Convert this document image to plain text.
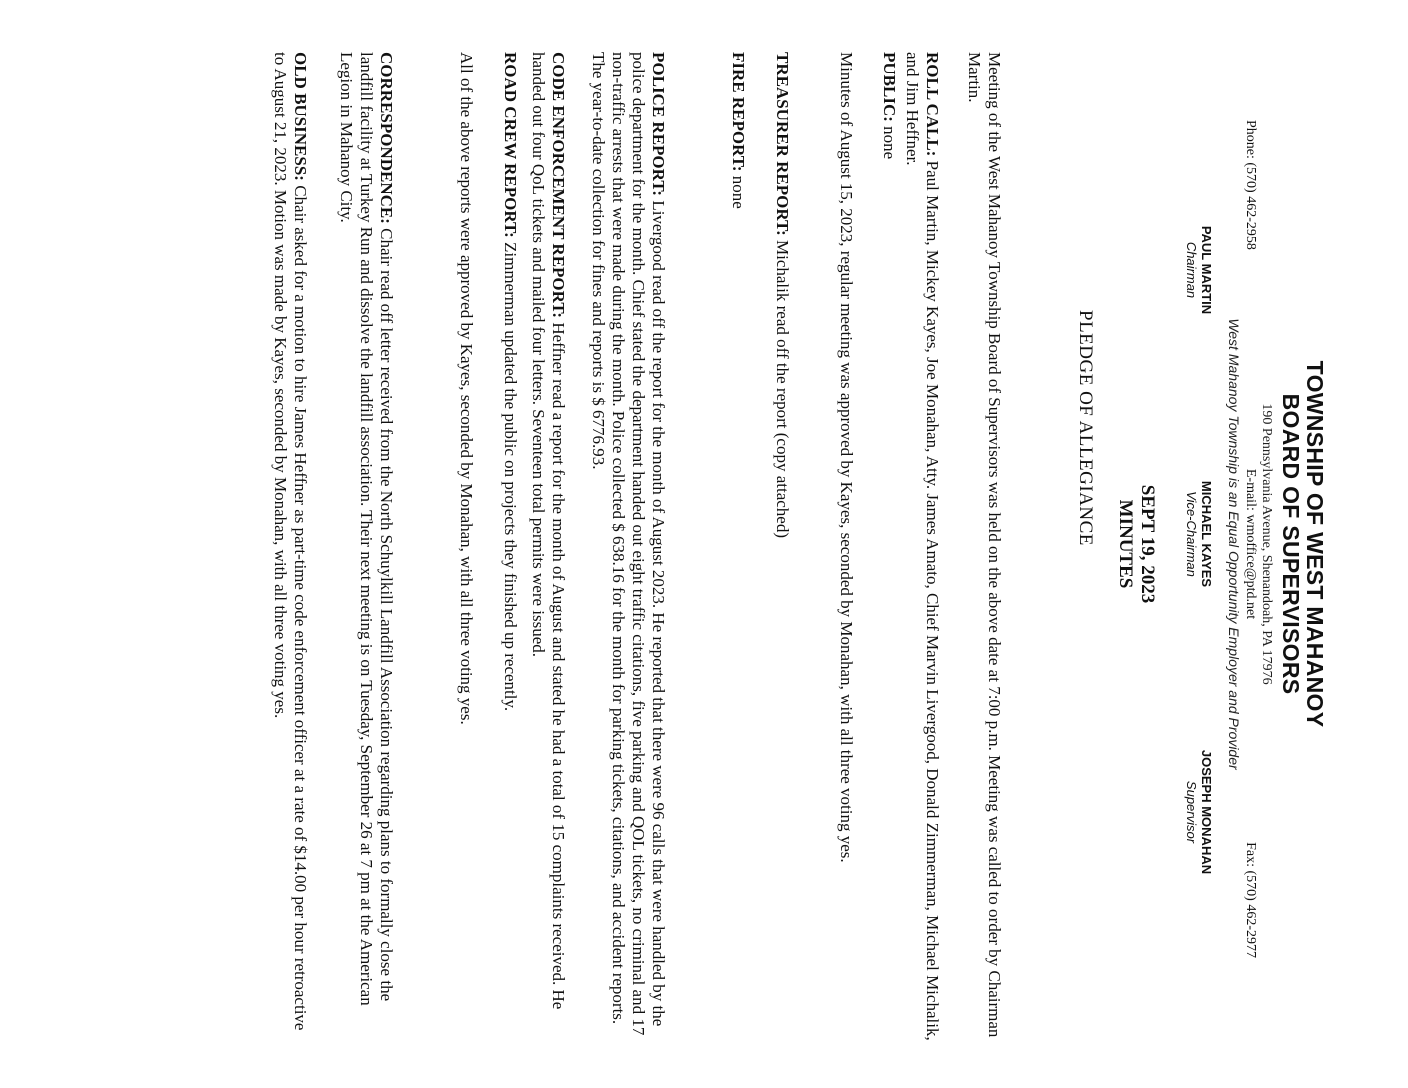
TOWNSHIP OF WEST MAHANOY
BOARD OF SUPERVISORS
190 Pennsylvania Avenue, Shenandoah, PA 17976
Phone: (570) 462-2958
E-mail: wmoffice@ptd.net
Fax: (570) 462-2977
West Mahanoy Township is an Equal Opportunity Employer and Provider
PAUL MARTIN
Chairman
MICHAEL KAYES
Vice-Chairman
JOSEPH MONAHAN
Supervisor
SEPT 19, 2023
MINUTES
PLEDGE OF ALLEGIANCE

Meeting of the West Mahanoy Township Board of Supervisors was held on the above date at 7:00 p.m. Meeting was called to order by Chairman Martin.

ROLL CALL: Paul Martin, Mickey Kayes, Joe Monahan, Atty. James Amato, Chief Marvin Livergood, Donald Zimmerman, Michael Michalik, and Jim Heffner.

PUBLIC: none

Minutes of August 15, 2023, regular meeting was approved by Kayes, seconded by Monahan, with all three voting yes.

TREASURER REPORT: Michalik read off the report (copy attached)

FIRE REPORT: none

POLICE REPORT: Livergood read off the report for the month of August 2023. He reported that there were 96 calls that were handled by the police department for the month. Chief stated the department handed out eight traffic citations, five parking and QOL tickets, no criminal and 17 non-traffic arrests that were made during the month. Police collected $ 638.16 for the month for parking tickets, citations, and accident reports. The year-to-date collection for fines and reports is $ 6776.93.

CODE ENFORCEMENT REPORT: Heffner read a report for the month of August and stated he had a total of 15 complaints received. He handed out four QoL tickets and mailed four letters. Seventeen total permits were issued.

ROAD CREW REPORT: Zimmerman updated the public on projects they finished up recently.

All of the above reports were approved by Kayes, seconded by Monahan, with all three voting yes.

CORRESPONDENCE: Chair read off letter received from the North Schuylkill Landfill Association regarding plans to formally close the landfill facility at Turkey Run and dissolve the landfill association. Their next meeting is on Tuesday, September 26 at 7 pm at the American Legion in Mahanoy City.

OLD BUSINESS: Chair asked for a motion to hire James Heffner as part-time code enforcement officer at a rate of $14.00 per hour retroactive to August 21, 2023. Motion was made by Kayes, seconded by Monahan, with all three voting yes.
